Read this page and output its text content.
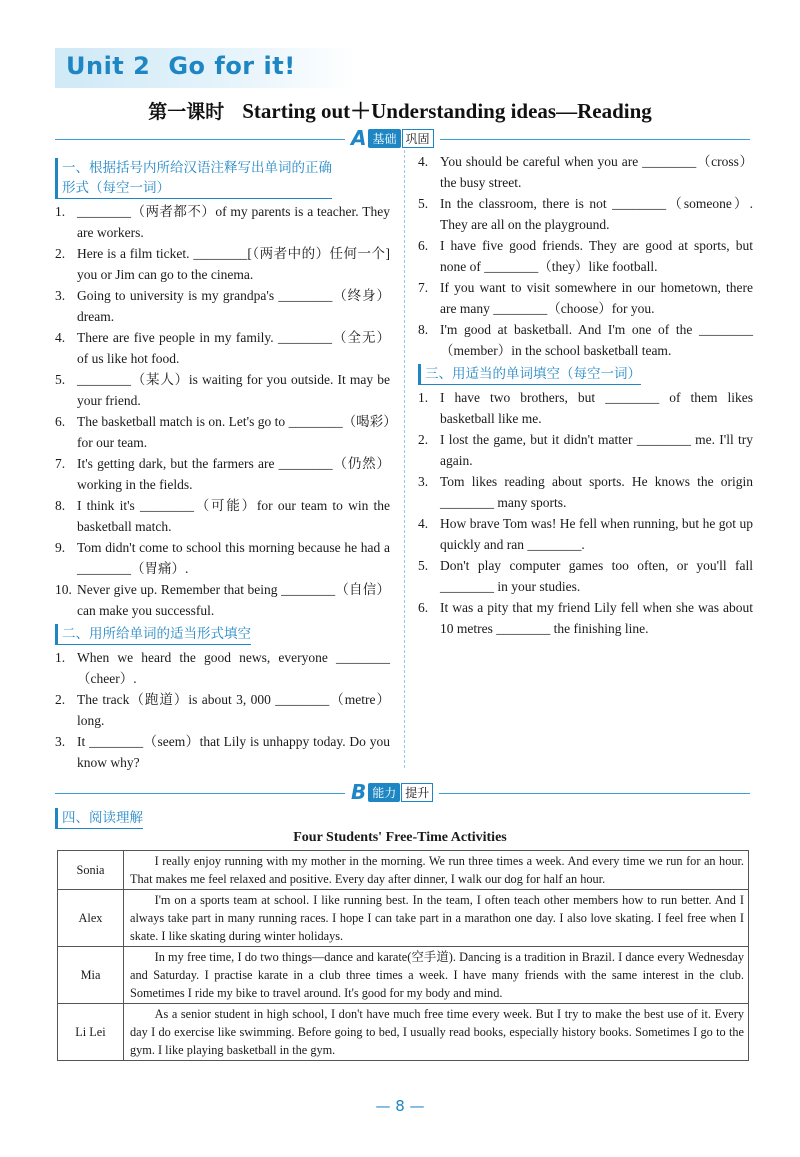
Unit 2 Go for it!
第一课时 Starting out＋Understanding ideas—Reading
A 基础 巩固
一、根据括号内所给汉语注释写出单词的正确
形式（每空一词）
1. ________（两者都不）of my parents is a teacher. They are workers.
2. Here is a film ticket. ________[（两者中的）任何一个] you or Jim can go to the cinema.
3. Going to university is my grandpa's ________（终身）dream.
4. There are five people in my family. ________（全无）of us like hot food.
5. ________（某人）is waiting for you outside. It may be your friend.
6. The basketball match is on. Let's go to ________（喝彩）for our team.
7. It's getting dark, but the farmers are ________（仍然）working in the fields.
8. I think it's ________（可能）for our team to win the basketball match.
9. Tom didn't come to school this morning because he had a ________（胃痛）.
10. Never give up. Remember that being ________（自信）can make you successful.
二、用所给单词的适当形式填空
1. When we heard the good news, everyone ________（cheer）.
2. The track（跑道）is about 3, 000 ________（metre）long.
3. It ________（seem）that Lily is unhappy today. Do you know why?
4. You should be careful when you are ________（cross）the busy street.
5. In the classroom, there is not ________（someone）. They are all on the playground.
6. I have five good friends. They are good at sports, but none of ________（they）like football.
7. If you want to visit somewhere in our hometown, there are many ________（choose）for you.
8. I'm good at basketball. And I'm one of the ________（member）in the school basketball team.
三、用适当的单词填空（每空一词）
1. I have two brothers, but ________ of them likes basketball like me.
2. I lost the game, but it didn't matter ________ me. I'll try again.
3. Tom likes reading about sports. He knows the origin ________ many sports.
4. How brave Tom was! He fell when running, but he got up quickly and ran ________.
5. Don't play computer games too often, or you'll fall ________ in your studies.
6. It was a pity that my friend Lily fell when she was about 10 metres ________ the finishing line.
B 能力 提升
四、阅读理解
Four Students' Free-Time Activities
Sonia	I really enjoy running with my mother in the morning. We run three times a week. And every time we run for an hour. That makes me feel relaxed and positive. Every day after dinner, I walk our dog for half an hour.
Alex	I'm on a sports team at school. I like running best. In the team, I often teach other members how to run better. And I always take part in many running races. I hope I can take part in a marathon one day. I also love skating. I feel free when I skate. I like skating during winter holidays.
Mia	In my free time, I do two things—dance and karate(空手道). Dancing is a tradition in Brazil. I dance every Wednesday and Saturday. I practise karate in a club three times a week. I have many friends with the same interest in the club. Sometimes I ride my bike to travel around. It's good for my body and mind.
Li Lei	As a senior student in high school, I don't have much free time every week. But I try to make the best use of it. Every day I do exercise like swimming. Before going to bed, I usually read books, especially history books. Sometimes I go to the gym. I like playing basketball in the gym.
— 8 —
